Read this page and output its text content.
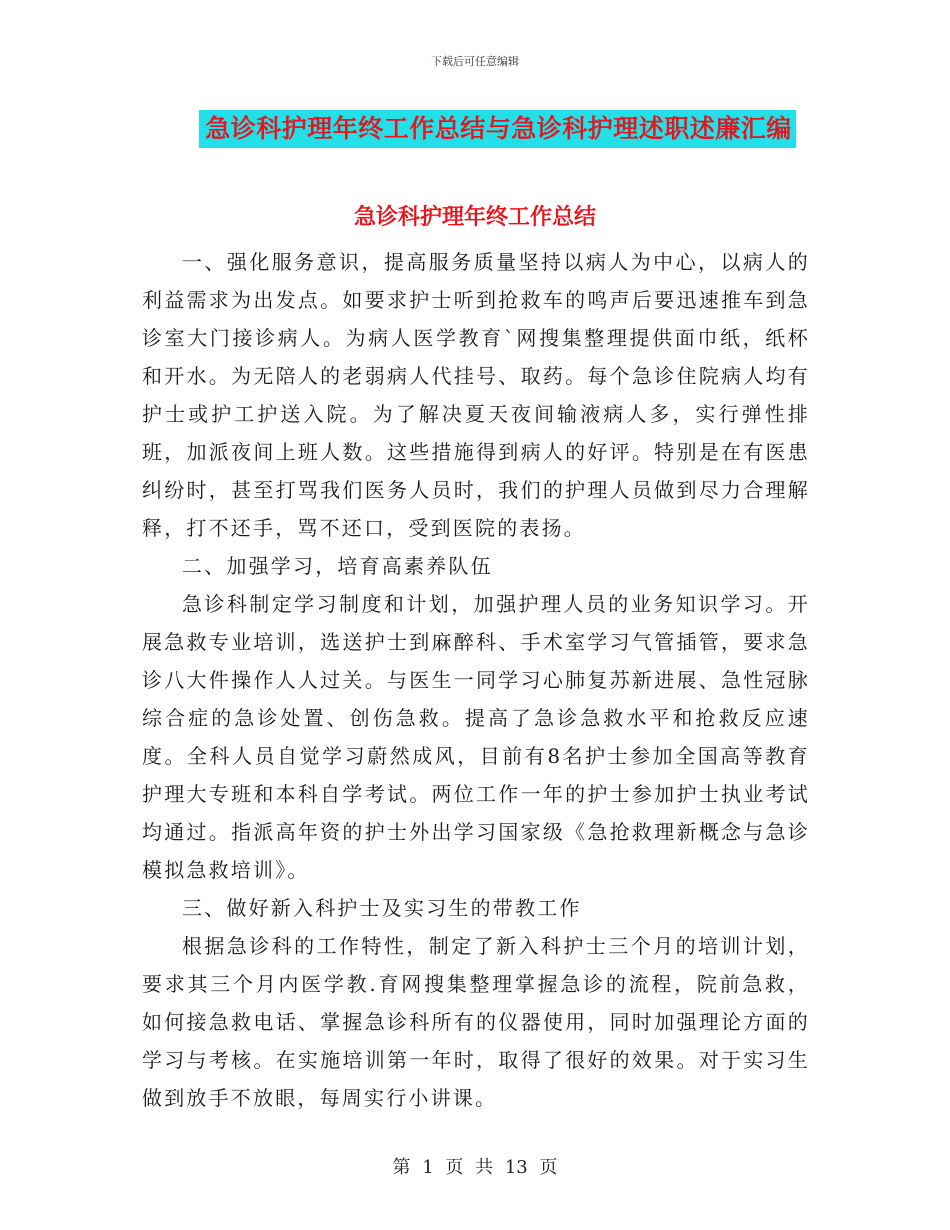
下载后可任意编辑
急诊科护理年终工作总结与急诊科护理述职述廉汇编
急诊科护理年终工作总结

一、强化服务意识，提高服务质量坚持以病人为中心，以病人的利益需求为出发点。如要求护士听到抢救车的鸣声后要迅速推车到急诊室大门接诊病人。为病人医学教育`网搜集整理提供面巾纸，纸杯和开水。为无陪人的老弱病人代挂号、取药。每个急诊住院病人均有护士或护工护送入院。为了解决夏天夜间输液病人多，实行弹性排班，加派夜间上班人数。这些措施得到病人的好评。特别是在有医患纠纷时，甚至打骂我们医务人员时，我们的护理人员做到尽力合理解释，打不还手，骂不还口，受到医院的表扬。

二、加强学习，培育高素养队伍

急诊科制定学习制度和计划，加强护理人员的业务知识学习。开展急救专业培训，选送护士到麻醉科、手术室学习气管插管，要求急诊八大件操作人人过关。与医生一同学习心肺复苏新进展、急性冠脉综合症的急诊处置、创伤急救。提高了急诊急救水平和抢救反应速度。全科人员自觉学习蔚然成风，目前有8名护士参加全国高等教育护理大专班和本科自学考试。两位工作一年的护士参加护士执业考试均通过。指派高年资的护士外出学习国家级《急抢救理新概念与急诊模拟急救培训》。

三、做好新入科护士及实习生的带教工作

根据急诊科的工作特性，制定了新入科护士三个月的培训计划，要求其三个月内医学教.育网搜集整理掌握急诊的流程，院前急救，如何接急救电话、掌握急诊科所有的仪器使用，同时加强理论方面的学习与考核。在实施培训第一年时，取得了很好的效果。对于实习生做到放手不放眼，每周实行小讲课。

第 1 页 共 13 页
